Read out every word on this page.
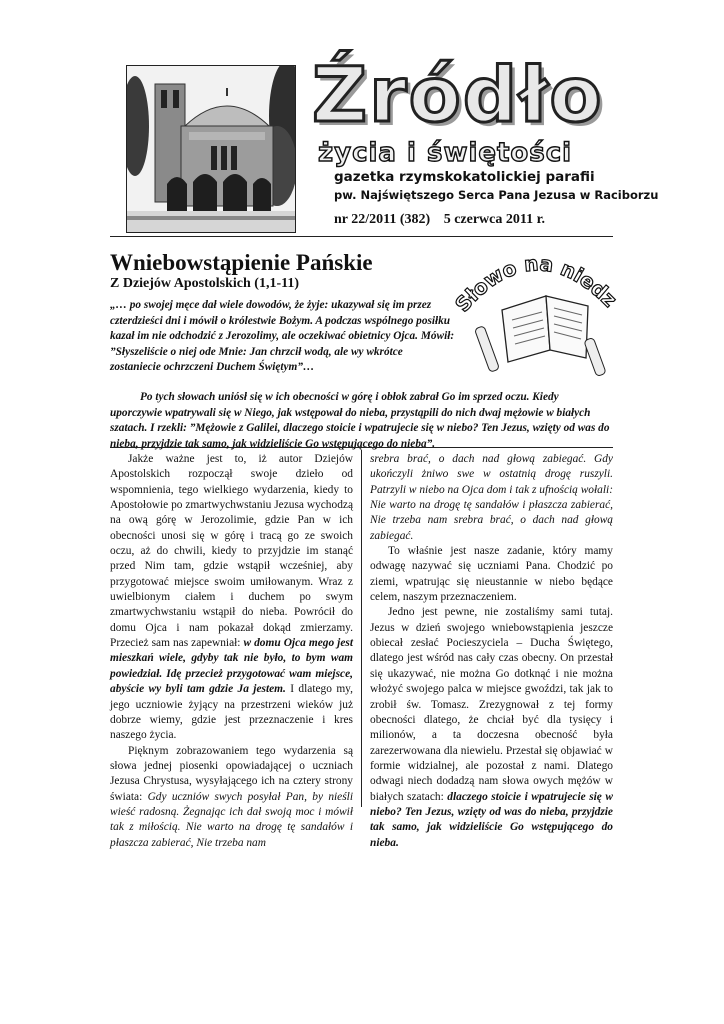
Źródło
życia i świętości
gazetka rzymskokatolickiej parafii
pw. Najświętszego Serca Pana Jezusa w Raciborzu
nr 22/2011 (382) 5 czerwca 2011 r.
Wniebowstąpienie Pańskie
Z Dziejów Apostolskich (1,1-11)
Słowo na nied
„… po swojej męce dał wiele dowodów, że żyje: ukazywał się im przez czterdzieści dni i mówił o królestwie Bożym. A podczas wspólnego posiłku kazał im nie odchodzić z Jerozolimy, ale oczekiwać obietnicy Ojca. Mówił: ”Słyszeliście o niej ode Mnie: Jan chrzcił wodą, ale wy wkrótce zostaniecie ochrzczeni Duchem Świętym”…

Po tych słowach uniósł się w ich obecności w górę i obłok zabrał Go im sprzed oczu. Kiedy uporczywie wpatrywali się w Niego, jak wstępował do nieba, przystąpili do nich dwaj mężowie w białych szatach. I rzekli: ”Mężowie z Galilei, dlaczego stoicie i wpatrujecie się w niebo? Ten Jezus, wzięty od was do nieba, przyjdzie tak samo, jak widzieliście Go wstępującego do nieba”.

Jakże ważne jest to, iż autor Dziejów Apostolskich rozpoczął swoje dzieło od wspomnienia, tego wielkiego wydarzenia, kiedy to Apostołowie po zmartwychwstaniu Jezusa wychodzą na ową górę w Jerozolimie, gdzie Pan w ich obecności unosi się w górę i tracą go ze swoich oczu, aż do chwili, kiedy to przyjdzie im stanąć przed Nim tam, gdzie wstąpił wcześniej, aby przygotować miejsce swoim umiłowanym. Wraz z uwielbionym ciałem i duchem po swym zmartwychwstaniu wstąpił do nieba. Powrócił do domu Ojca i nam pokazał dokąd zmierzamy. Przecież sam nas zapewniał: w domu Ojca mego jest mieszkań wiele, gdyby tak nie było, to bym wam powiedział. Idę przecież przygotować wam miejsce, abyście wy byli tam gdzie Ja jestem. I dlatego my, jego uczniowie żyjący na przestrzeni wieków już dobrze wiemy, gdzie jest przeznaczenie i kres naszego życia.

Pięknym zobrazowaniem tego wydarzenia są słowa jednej piosenki opowiadającej o uczniach Jezusa Chrystusa, wysyłającego ich na cztery strony świata: Gdy uczniów swych posyłał Pan, by nieśli wieść radosną. Żegnając ich dał swoją moc i mówił tak z miłością. Nie warto na drogę tę sandałów i płaszcza zabierać, Nie trzeba nam

srebra brać, o dach nad głową zabiegać. Gdy ukończyli żniwo swe w ostatnią drogę ruszyli. Patrzyli w niebo na Ojca dom i tak z ufnością wołali: Nie warto na drogę tę sandałów i płaszcza zabierać, Nie trzeba nam srebra brać, o dach nad głową zabiegać.

To właśnie jest nasze zadanie, który mamy odwagę nazywać się uczniami Pana. Chodzić po ziemi, wpatrując się nieustannie w niebo będące celem, naszym przeznaczeniem.

Jedno jest pewne, nie zostaliśmy sami tutaj. Jezus w dzień swojego wniebowstąpienia jeszcze obiecał zesłać Pocieszyciela – Ducha Świętego, dlatego jest wśród nas cały czas obecny. On przestał się ukazywać, nie można Go dotknąć i nie można włożyć swojego palca w miejsce gwoździ, tak jak to zrobił św. Tomasz. Zrezygnował z tej formy obecności dlatego, że chciał być dla tysięcy i milionów, a ta doczesna obecność była zarezerwowana dla niewielu. Przestał się objawiać w formie widzialnej, ale pozostał z nami. Dlatego odwagi niech dodadzą nam słowa owych mężów w białych szatach: dlaczego stoicie i wpatrujecie się w niebo? Ten Jezus, wzięty od was do nieba, przyjdzie tak samo, jak widzieliście Go wstępującego do nieba.
